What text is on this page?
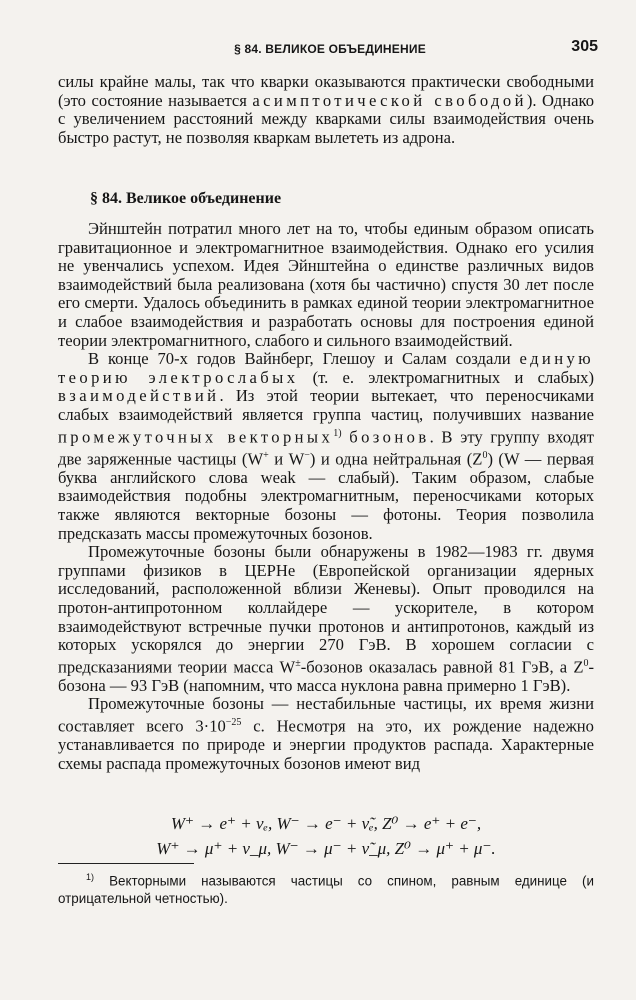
§ 84. ВЕЛИКОЕ ОБЪЕДИНЕНИЕ	305

силы крайне малы, так что кварки оказываются практически свободными (это состояние называется асимптотической свободой). Однако с увеличением расстояний между кварками силы взаимодействия очень быстро растут, не позволяя кваркам вылететь из адрона.

§ 84. Великое объединение

Эйнштейн потратил много лет на то, чтобы единым образом описать гравитационное и электромагнитное взаимодействия. Однако его усилия не увенчались успехом. Идея Эйнштейна о единстве различных видов взаимодействий была реализована (хотя бы частично) спустя 30 лет после его смерти. Удалось объединить в рамках единой теории электромагнитное и слабое взаимодействия и разработать основы для построения единой теории электромагнитного, слабого и сильного взаимодействий.

В конце 70-х годов Вайнберг, Глешоу и Салам создали единую теорию электрослабых (т. е. электромагнитных и слабых) взаимодействий. Из этой теории вытекает, что переносчиками слабых взаимодействий является группа частиц, получивших название промежуточных векторных$^{1)}$ бозонов. В эту группу входят две заряженные частицы (W+ и W−) и одна нейтральная $(Z^0)$ (W — первая буква английского слова weak — слабый). Таким образом, слабые взаимодействия подобны электромагнитным, переносчиками которых также являются векторные бозоны — фотоны. Теория позволила предсказать массы промежуточных бозонов.

Промежуточные бозоны были обнаружены в 1982—1983 гг. двумя группами физиков в ЦЕРНе (Европейской организации ядерных исследований, расположенной вблизи Женевы). Опыт проводился на протон-антипротонном коллайдере — ускорителе, в котором взаимодействуют встречные пучки протонов и антипротонов, каждый из которых ускорялся до энергии 270 ГэВ. В хорошем согласии с предсказаниями теории масса W±-бозонов оказалась равной 81 ГэВ, а $Z^0$-бозона — 93 ГэВ (напомним, что масса нуклона равна примерно 1 ГэВ).

Промежуточные бозоны — нестабильные частицы, их время жизни составляет всего $3\cdot 10^{-25}$ с. Несмотря на это, их рождение надежно устанавливается по природе и энергии продуктов распада. Характерные схемы распада промежуточных бозонов имеют вид

W⁺ → e⁺ + νₑ, W⁻ → e⁻ + ν̃ₑ, Z⁰ → e⁺ + e⁻,
W⁺ → μ⁺ + ν_μ, W⁻ → μ⁻ + ν̃_μ, Z⁰ → μ⁺ + μ⁻.
$^{1)}$ Векторными называются частицы со спином, равным единице (и отрицательной четностью).
